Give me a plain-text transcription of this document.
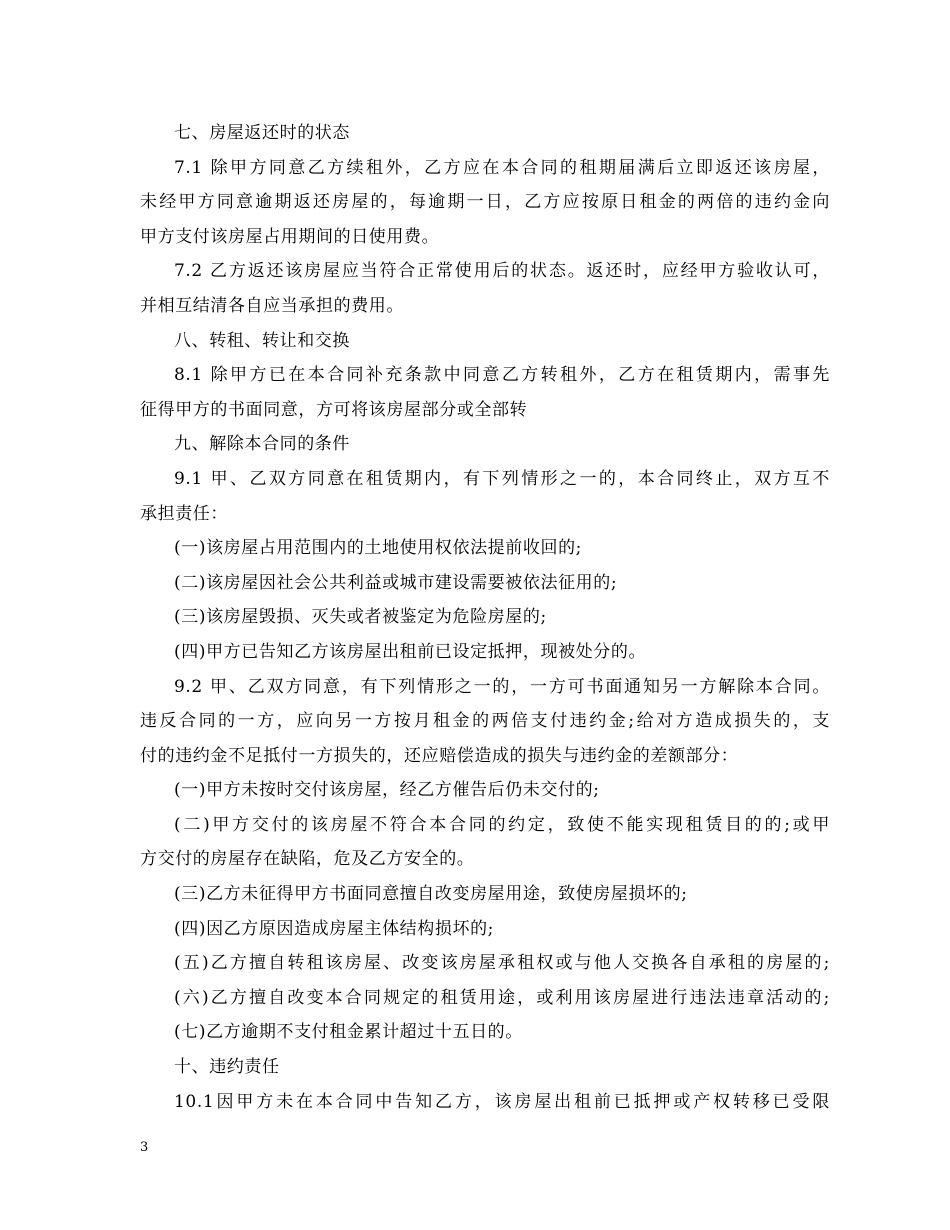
七、房屋返还时的状态
7.1 除甲方同意乙方续租外，乙方应在本合同的租期届满后立即返还该房屋，
未经甲方同意逾期返还房屋的，每逾期一日，乙方应按原日租金的两倍的违约金向
甲方支付该房屋占用期间的日使用费。
7.2 乙方返还该房屋应当符合正常使用后的状态。返还时，应经甲方验收认可，
并相互结清各自应当承担的费用。
八、转租、转让和交换
8.1 除甲方已在本合同补充条款中同意乙方转租外，乙方在租赁期内，需事先
征得甲方的书面同意，方可将该房屋部分或全部转
九、解除本合同的条件
9.1 甲、乙双方同意在租赁期内，有下列情形之一的，本合同终止，双方互不
承担责任：
(一)该房屋占用范围内的土地使用权依法提前收回的;
(二)该房屋因社会公共利益或城市建设需要被依法征用的;
(三)该房屋毁损、灭失或者被鉴定为危险房屋的;
(四)甲方已告知乙方该房屋出租前已设定抵押，现被处分的。
9.2 甲、乙双方同意，有下列情形之一的，一方可书面通知另一方解除本合同。
违反合同的一方，应向另一方按月租金的两倍支付违约金;给对方造成损失的，支
付的违约金不足抵付一方损失的，还应赔偿造成的损失与违约金的差额部分：
(一)甲方未按时交付该房屋，经乙方催告后仍未交付的;
(二)甲方交付的该房屋不符合本合同的约定，致使不能实现租赁目的的;或甲
方交付的房屋存在缺陷，危及乙方安全的。
(三)乙方未征得甲方书面同意擅自改变房屋用途，致使房屋损坏的;
(四)因乙方原因造成房屋主体结构损坏的;
(五)乙方擅自转租该房屋、改变该房屋承租权或与他人交换各自承租的房屋的;
(六)乙方擅自改变本合同规定的租赁用途，或利用该房屋进行违法违章活动的;
(七)乙方逾期不支付租金累计超过十五日的。
十、违约责任
10.1因甲方未在本合同中告知乙方，该房屋出租前已抵押或产权转移已受限
3
